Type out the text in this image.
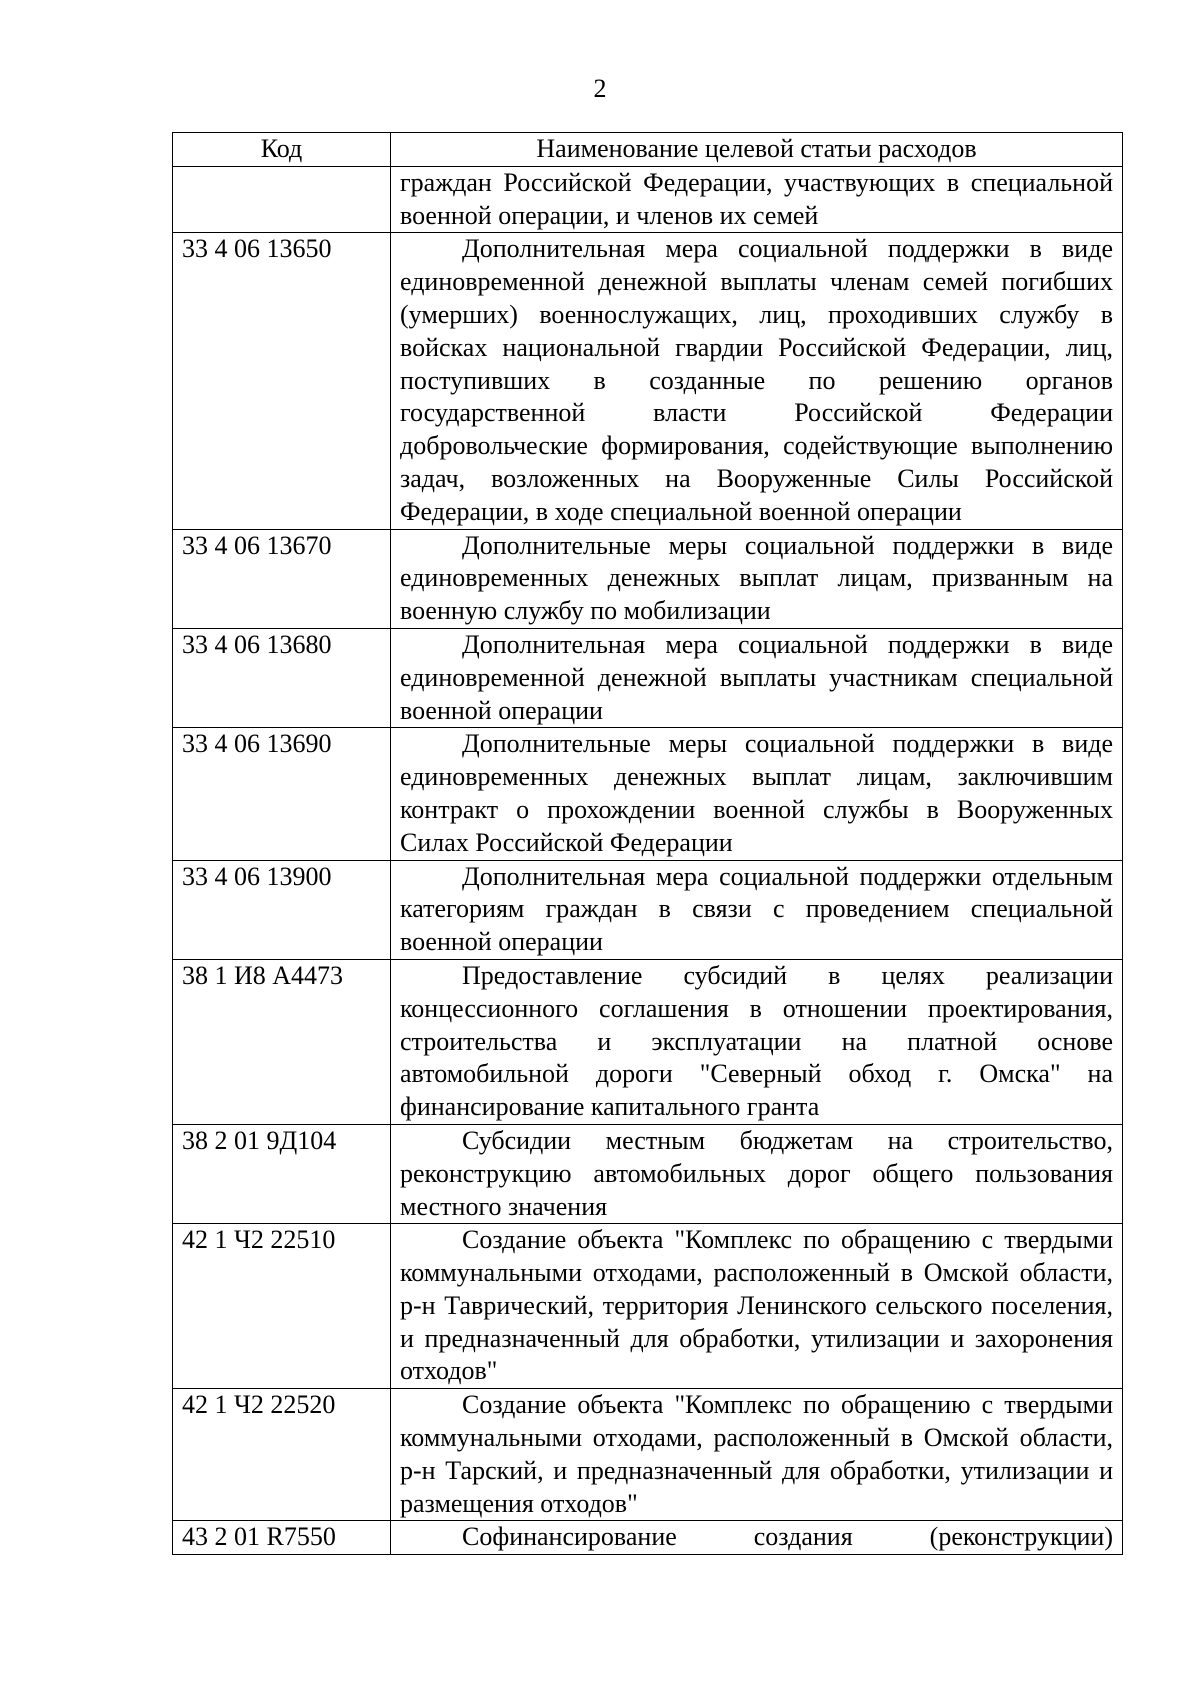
2
Код	Наименование целевой статьи расходов
	граждан Российской Федерации, участвующих в специальной военной операции, и членов их семей
33 4 06 13650	Дополнительная мера социальной поддержки в виде единовременной денежной выплаты членам семей погибших (умерших) военнослужащих, лиц, проходивших службу в войсках национальной гвардии Российской Федерации, лиц, поступивших в созданные по решению органов государственной власти Российской Федерации добровольческие формирования, содействующие выполнению задач, возложенных на Вооруженные Силы Российской Федерации, в ходе специальной военной операции
33 4 06 13670	Дополнительные меры социальной поддержки в виде единовременных денежных выплат лицам, призванным на военную службу по мобилизации
33 4 06 13680	Дополнительная мера социальной поддержки в виде единовременной денежной выплаты участникам специальной военной операции
33 4 06 13690	Дополнительные меры социальной поддержки в виде единовременных денежных выплат лицам, заключившим контракт о прохождении военной службы в Вооруженных Силах Российской Федерации
33 4 06 13900	Дополнительная мера социальной поддержки отдельным категориям граждан в связи с проведением специальной военной операции
38 1 И8 А4473	Предоставление субсидий в целях реализации концессионного соглашения в отношении проектирования, строительства и эксплуатации на платной основе автомобильной дороги "Северный обход г. Омска" на финансирование капитального гранта
38 2 01 9Д104	Субсидии местным бюджетам на строительство, реконструкцию автомобильных дорог общего пользования местного значения
42 1 Ч2 22510	Создание объекта "Комплекс по обращению с твердыми коммунальными отходами, расположенный в Омской области, р-н Таврический, территория Ленинского сельского поселения, и предназначенный для обработки, утилизации и захоронения отходов"
42 1 Ч2 22520	Создание объекта "Комплекс по обращению с твердыми коммунальными отходами, расположенный в Омской области, р-н Тарский, и предназначенный для обработки, утилизации и размещения отходов"
43 2 01 R7550	Софинансирование создания (реконструкции)
